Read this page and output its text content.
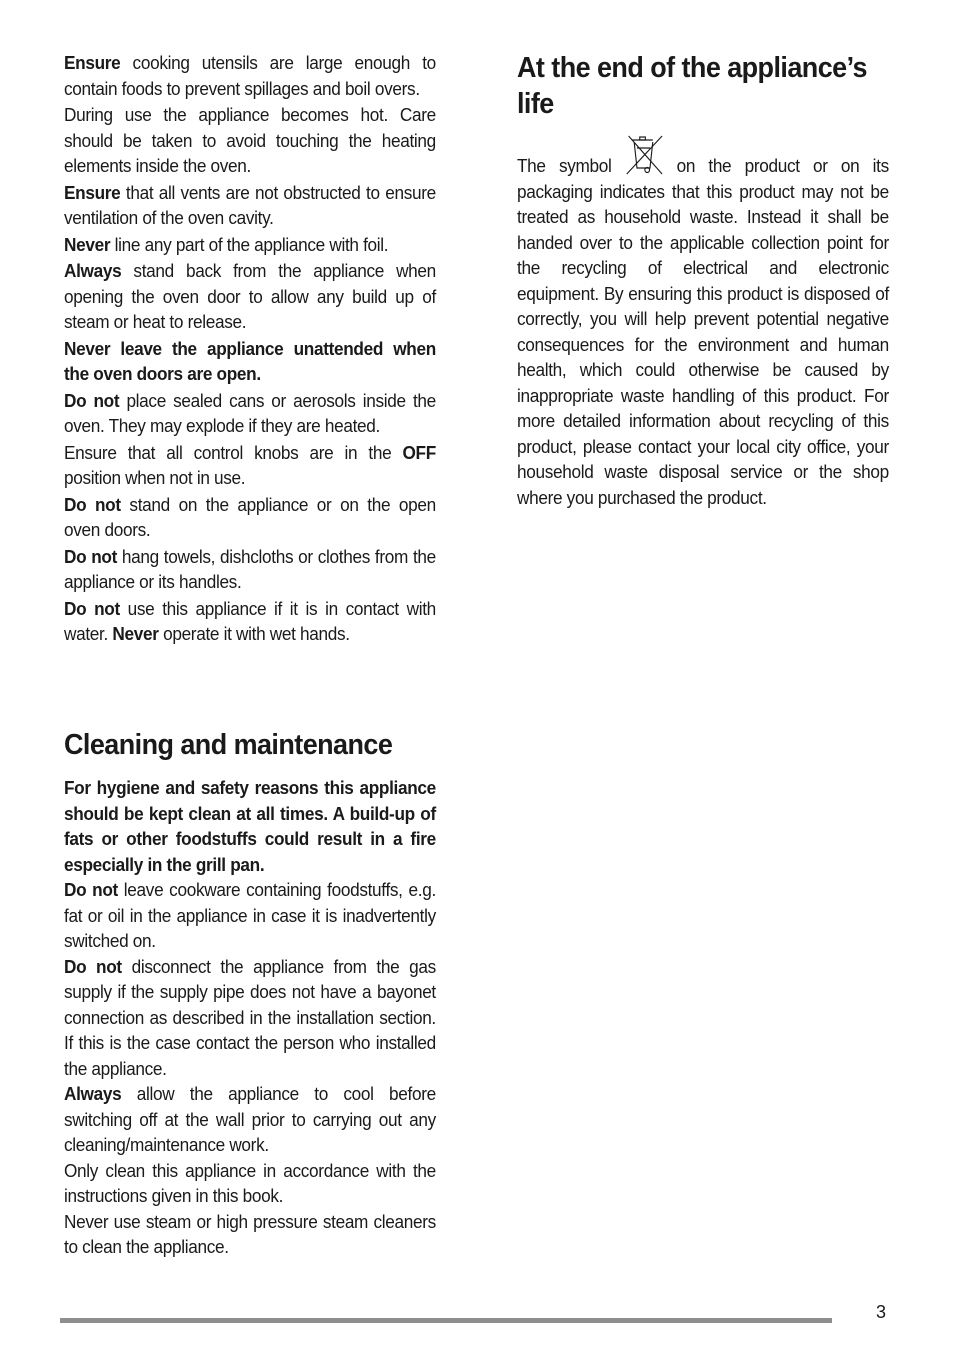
Ensure cooking utensils are large enough to contain foods to prevent spillages and boil overs.

During use the appliance becomes hot. Care should be taken to avoid touching the heating elements inside the oven.

Ensure that all vents are not obstructed to ensure ventilation of the oven cavity.

Never line any part of the appliance with foil.

Always stand back from the appliance when opening the oven door to allow any build up of steam or heat to release.

Never leave the appliance unattended when the oven doors are open.

Do not place sealed cans or aerosols inside the oven. They may explode if they are heated.

Ensure that all control knobs are in the OFF position when not in use.

Do not stand on the appliance or on the open oven doors.

Do not hang towels, dishcloths or clothes from the appliance or its handles.

Do not use this appliance if it is in contact with water. Never operate it with wet hands.

Cleaning and maintenance

For hygiene and safety reasons this appliance should be kept clean at all times. A build-up of fats or other foodstuffs could result in a fire especially in the grill pan.

Do not leave cookware containing foodstuffs, e.g. fat or oil in the appliance in case it is inadvertently switched on.

Do not disconnect the appliance from the gas supply if the supply pipe does not have a bayonet connection as described in the installation section. If this is the case contact the person who installed the appliance.

Always allow the appliance to cool before switching off at the wall prior to carrying out any cleaning/maintenance work.

Only clean this appliance in accordance with the instructions given in this book.

Never use steam or high pressure steam cleaners to clean the appliance.

At the end of the appliance’s life

The symbol	on the product or on its packaging indicates that this product may not be treated as household waste. Instead it shall be handed over to the applicable collection point for the recycling of electrical and electronic equipment. By ensuring this product is disposed of correctly, you will help prevent potential negative consequences for the environment and human health, which could otherwise be caused by inappropriate waste handling of this product. For more detailed information about recycling of this product, please contact your local city office, your household waste disposal service or the shop where you purchased the product.

3
